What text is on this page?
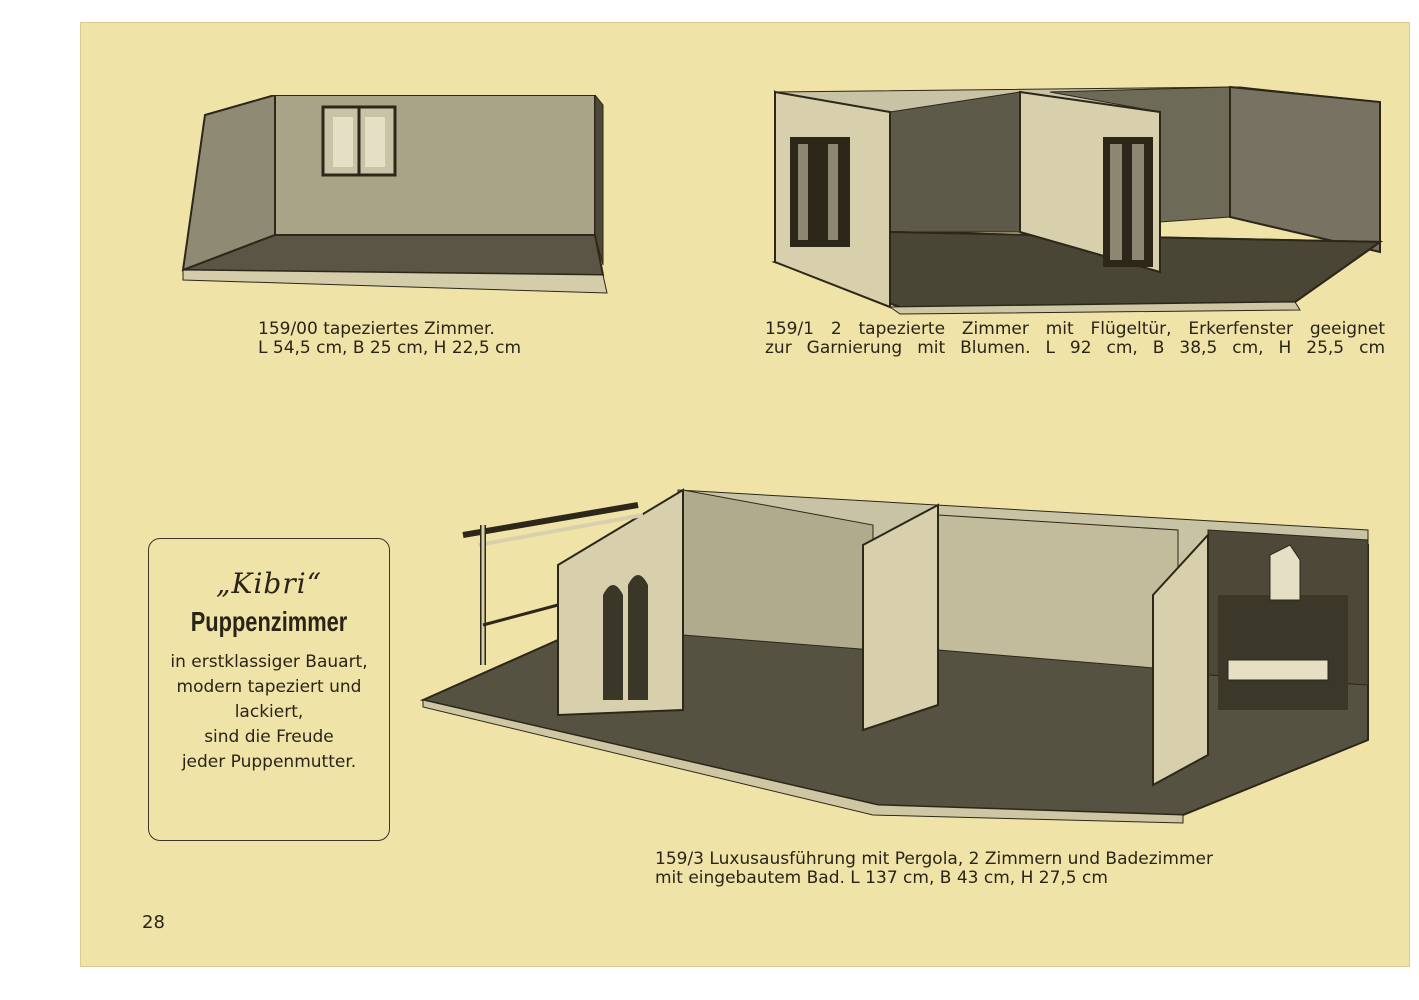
159/00 tapeziertes Zimmer.
L 54,5 cm, B 25 cm, H 22,5 cm
159/1 2 tapezierte Zimmer mit Flügeltür, Erkerfenster geeignet
zur Garnierung mit Blumen. L 92 cm, B 38,5 cm, H 25,5 cm
159/3 Luxusausführung mit Pergola, 2 Zimmern und Badezimmer
mit eingebautem Bad. L 137 cm, B 43 cm, H 27,5 cm
„Kibri“
Puppenzimmer
in erstklassiger Bauart,
modern tapeziert und
lackiert,
sind die Freude
jeder Puppenmutter.
28
